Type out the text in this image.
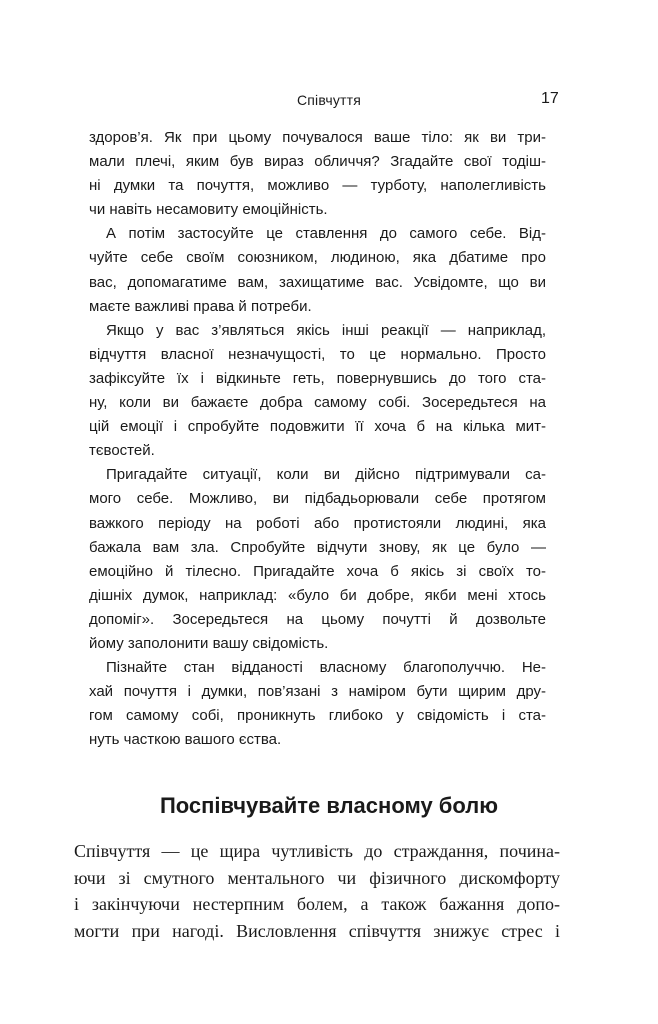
Співчуття	17
здоров’я. Як при цьому почувалося ваше тіло: як ви три-
мали плечі, яким був вираз обличчя? Згадайте свої тодіш-
ні думки та почуття, можливо — турботу, наполегливість
чи навіть несамовиту емоційність.
А потім застосуйте це ставлення до самого себе. Від-
чуйте себе своїм союзником, людиною, яка дбатиме про
вас, допомагатиме вам, захищатиме вас. Усвідомте, що ви
маєте важливі права й потреби.
Якщо у вас з’являться якісь інші реакції — наприклад,
відчуття власної незначущості, то це нормально. Просто
зафіксуйте їх і відкиньте геть, повернувшись до того ста-
ну, коли ви бажаєте добра самому собі. Зосередьтеся на
цій емоції і спробуйте подовжити її хоча б на кілька мит-
тєвостей.
Пригадайте ситуації, коли ви дійсно підтримували са-
мого себе. Можливо, ви підбадьорювали себе протягом
важкого періоду на роботі або протистояли людині, яка
бажала вам зла. Спробуйте відчути знову, як це було —
емоційно й тілесно. Пригадайте хоча б якісь зі своїх то-
дішніх думок, наприклад: «було би добре, якби мені хтось
допоміг». Зосередьтеся на цьому почутті й дозвольте
йому заполонити вашу свідомість.
Пізнайте стан відданості власному благополуччю. Не-
хай почуття і думки, пов’язані з наміром бути щирим дру-
гом самому собі, проникнуть глибоко у свідомість і ста-
нуть часткою вашого єства.
Поспівчувайте власному болю
Співчуття — це щира чутливість до страждання, почина-
ючи зі смутного ментального чи фізичного дискомфорту
і закінчуючи нестерпним болем, а також бажання допо-
могти при нагоді. Висловлення співчуття знижує стрес і
